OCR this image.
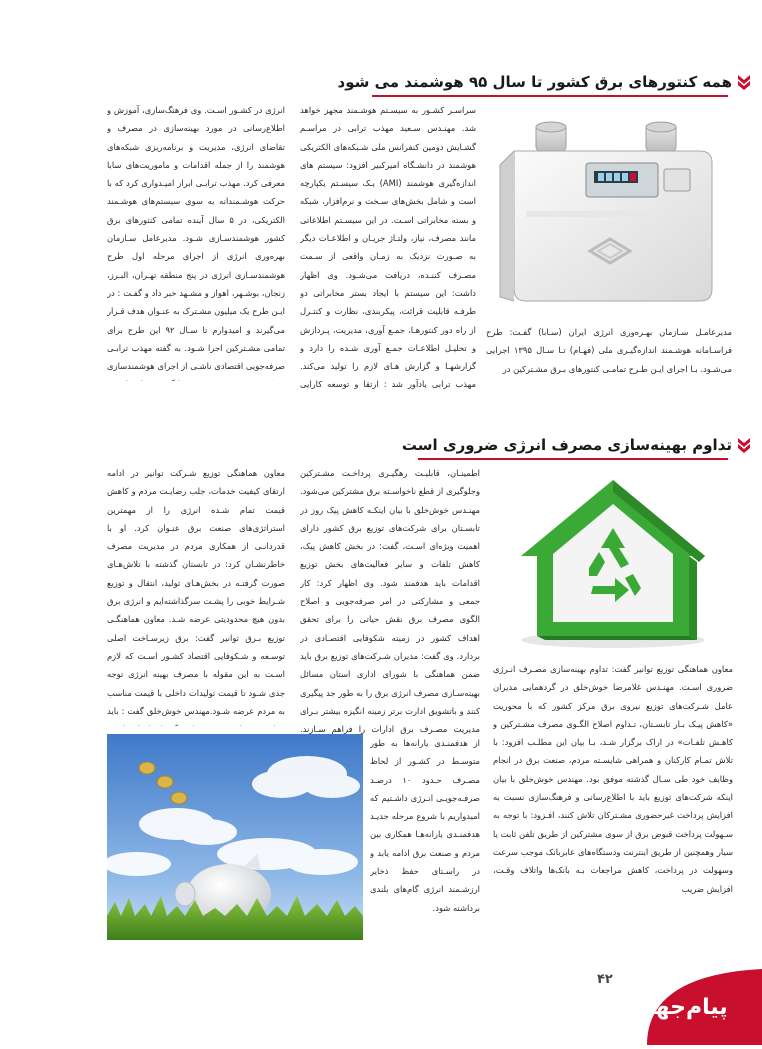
همه کنتورهای برق کشور تا سال ۹۵ هوشمند می شود
مدیرعامـل سـازمان بهـره‌وری انرژی ایران (سـابا) گفـت: طرح فراسـامانه هوشـمند اندازه‌گیـری ملی (فهـام) تـا سـال ۱۳۹۵ اجرایی می‌شـود. بـا اجرای ایـن طـرح تمامـی کنتورهای بـرق مشـترکین در
سراسـر کشـور به سیسـتم هوشـمند مجهز خواهد شد. مهنـدس سـعید مهذب ترابی در مراسـم گشـایش دومین کنفرانس ملی شـبکه‌های الکتریکی هوشمند در دانشـگاه امیرکبیر افزود: سیستم های اندازه‌گیری هوشمند (AMI) یـک سیسـتم یکپارچه است و شامل بخش‌های سـخت و نرم‌افزار، شبکه و بسته مخابراتی اسـت. در این سیسـتم اطلاعاتی مانند مصرف، نیاز، ولتـاژ جریـان و اطلاعـات دیگر به صـورت نزدیک به زمـان واقعی از سـمت مصـرف کننـده، دریافت می‌شـود. وی اظهار داشت: این سیستم با ایجاد بستر مخابراتی دو طرفـه قابلیت قرائت، پیکربندی، نظارت و کنتـرل از راه دور کنتورهـا، جمـع آوری، مدیریت، پـردازش و تحلیـل اطلاعـات جمـع آوری شـده را دارد و گزارشهـا و گزارش هـای لازم را تولید می‌کند. مهذب ترابی یادآور شد : ارتقا و توسعه کارایی
انرژی در کشـور اسـت. وی فرهنگ‌سازی، آموزش و اطلاع‌رسانی در مورد بهینه‌سازی در مصرف و تقاضای انرژی، مدیریت و برنامه‌ریزی شبکه‌های هوشمند را از جمله اقدامات و ماموریت‌های سابا معرفی کرد. مهذب ترابـی ابراز امیـدواری کرد که با حرکت هوشـمندانه به سوی سیستم‌های هوشـمند الکتریکی، در ۵ سال آینده تمامی کنتورهای برق کشور هوشمندسـازی شـود. مدیرعامل سـازمان بهره‌وری انرژی از اجرای مرحله اول طرح هوشمندسـازی انرژی در پنج منطقه تهـران، البـرز، زنجان، بوشـهر، اهواز و مشـهد خبر داد و گفـت : در ایـن طرح یک میلیون مشـترک به عنـوان هدف قـرار می‌گیرند و امیدوارم تا سـال ۹۲ این طرح برای تمامی مشـترکین اجرا شـود. به گفته مهذب ترابـی صرفه‌جویی اقتصادی ناشـی از اجرای هوشمندسازی
تداوم بهینه‌سازی مصرف انرژی ضروری است
معاون هماهنگی توزیع توانیر گفت: تداوم بهینه‌سازی مصـرف انـرژی ضروری اسـت. مهنـدس غلامرضا خوش‌خلق در گردهمایی مدیران عامل شـرکت‌های توزیع نیروی برق مرکز کشور که با محوریت «کاهش پیـک بـار تابسـتان، تـداوم اصلاح الگـوی مصرف مشـترکین و کاهـش تلفـات» در اراک برگزار شـد، بـا بیان این مطلـب افزود: با تلاش تمـام کارکنان و همراهی شایسـته مردم، صنعت برق در انجام وظایف خود طی سـال گذشته موفق بود. مهندس خوش‌خلق با بیان اینکه شرکت‌های توزیع باید با اطلاع‌رسانی و فرهنگ‌سازی نسبت به افزایش پرداخت غیرحضوری مشـترکان تلاش کنند، افـزود: با توجه به سـهولت پرداخت قبوض برق از سوی مشترکین از طریق تلفن ثابت یا سیار وهمچنین از طریق اینترنت ودستگاه‌های عابربانک موجب سرعت وسهولت در پرداخت، کاهش مراجعات بـه بانک‌ها واتلاف وقـت، افزایش ضریب
اطمینـان، قابلیـت رهگیـری پرداخـت مشـترکین وجلوگیری از قطع ناخواسـته برق مشترکین می‌شود. مهنـدس خوش‌خلق با بیان اینکـه کاهش پیک روز در تابسـتان برای شرکت‌های توزیع برق کشور دارای اهمیت ویژه‌ای اسـت، گفت: در بخش کاهش پیک، کاهش تلفات و سایر فعالیت‌های بخش توزیع اقدامات باید هدفمند شود. وی اظهار کرد: کار جمعی و مشارکتی در امر صرفه‌جویی و اصلاح الگوی مصرف برق نقش حیاتی را برای تحقق اهداف کشور در زمینه شکوفایی اقتصـادی در بردارد. وی گفت: مدیران شـرکت‌های توزیع برق باید ضمن هماهنگی با شورای اداری استان مسائل بهینه‌سـازی مصرف انرژی برق را به طور جد پیگیری کنند و باتشویق ادارت برتر زمینه انگیزه بیشتر بـرای مدیریت مصـرف برق ادارات را فراهم سـازند.
از هدفمنـدی یارانه‌ها به طور متوسـط در کشـور از لحاظ مصـرف حـدود ۱۰ درصـد صرفـه‌جویـی انـرژی داشـتیم که امیدواریم با شروع مرحله جدیـد هدفمنـدی یارانه‌هـا همکاری بین مردم و صنعت برق ادامه یابد و در راسـتای حفظ ذخایر ارزشـمند انرژی گام‌های بلندی برداشته شود.
معاون هماهنگی توزیع شـرکت توانیر در ادامه ارتقای کیفیت خدمات، جلب رضایـت مردم و کاهش قیمت تمام شـده انرژی را از مهمترین استراتژی‌های صنعت برق عنـوان کرد. او با قدردانـی از همکاری مردم در مدیریت مصرف خاطرنشـان کرد: در تابستان گذشته با تلاش‌هـای صورت گرفتـه در بخش‌هـای تولید، انتقال و توزیع شـرایط خوبی را پشـت سرگذاشته‌ایم و انرژی برق بدون هیچ محدودیتی عرضه شـد. معاون هماهنگـی توزیع بـرق توانیر گفت: برق زیرسـاخت اصلی توسـعه و شـکوفایی اقتصاد کشـور اسـت که لازم اسـت به این مقوله با مصرف بهینه انرژی توجه جدی شـود تا قیمت تولیدات داخلی با قیمت مناسب به مردم عرضه شـود.مهندس خوش‌خلق گفت : باید
۴۲
پیام‌جهت
